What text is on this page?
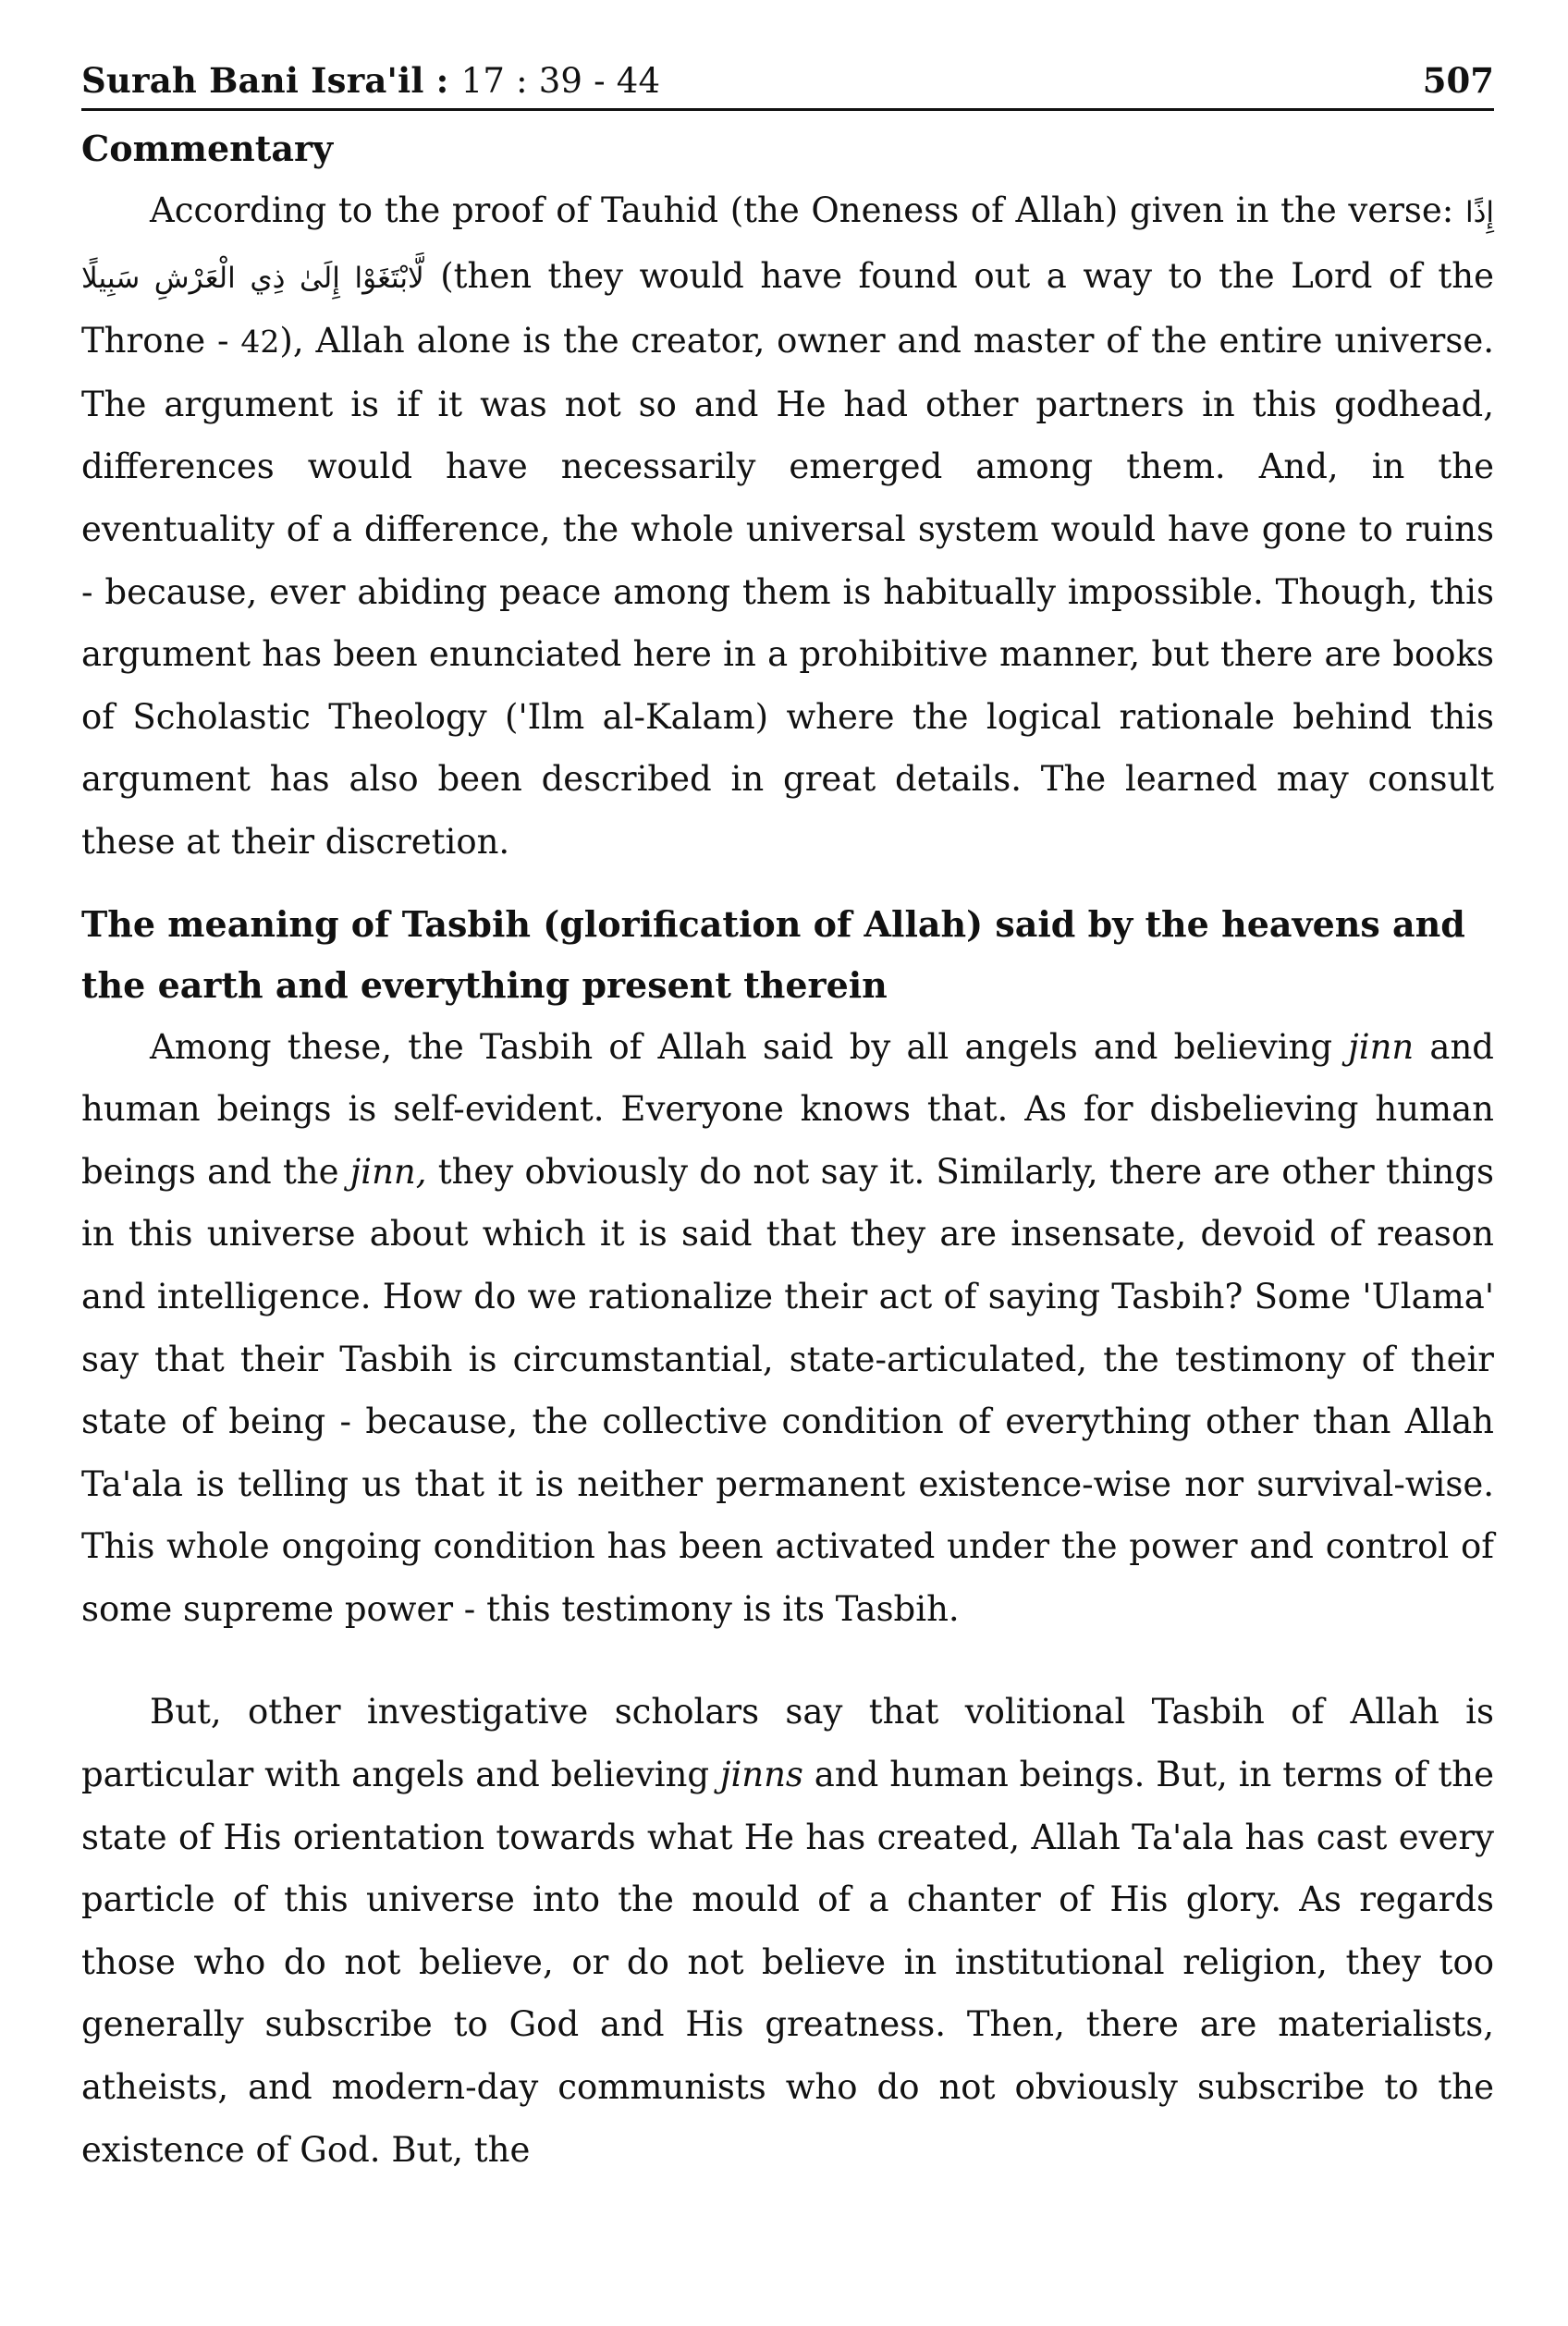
Surah Bani Isra'il : 17 : 39 - 44	507
Commentary

According to the proof of Tauhid (the Oneness of Allah) given in the verse: إِذًا لَّابْتَغَوْا إِلَىٰ ذِي الْعَرْشِ سَبِيلًا (then they would have found out a way to the Lord of the Throne - 42), Allah alone is the creator, owner and master of the entire universe. The argument is if it was not so and He had other partners in this godhead, differences would have necessarily emerged among them. And, in the eventuality of a difference, the whole universal system would have gone to ruins - because, ever abiding peace among them is habitually impossible. Though, this argument has been enunciated here in a prohibitive manner, but there are books of Scholastic Theology ('Ilm al-Kalam) where the logical rationale behind this argument has also been described in great details. The learned may consult these at their discretion.

The meaning of Tasbih (glorification of Allah) said by the heavens and the earth and everything present therein

Among these, the Tasbih of Allah said by all angels and believing jinn and human beings is self-evident. Everyone knows that. As for disbelieving human beings and the jinn, they obviously do not say it. Similarly, there are other things in this universe about which it is said that they are insensate, devoid of reason and intelligence. How do we rationalize their act of saying Tasbih? Some 'Ulama' say that their Tasbih is circumstantial, state-articulated, the testimony of their state of being - because, the collective condition of everything other than Allah Ta'ala is telling us that it is neither permanent existence-wise nor survival-wise. This whole ongoing condition has been activated under the power and control of some supreme power - this testimony is its Tasbih.

But, other investigative scholars say that volitional Tasbih of Allah is particular with angels and believing jinns and human beings. But, in terms of the state of His orientation towards what He has created, Allah Ta'ala has cast every particle of this universe into the mould of a chanter of His glory. As regards those who do not believe, or do not believe in institutional religion, they too generally subscribe to God and His greatness. Then, there are materialists, atheists, and modern-day communists who do not obviously subscribe to the existence of God. But, the
